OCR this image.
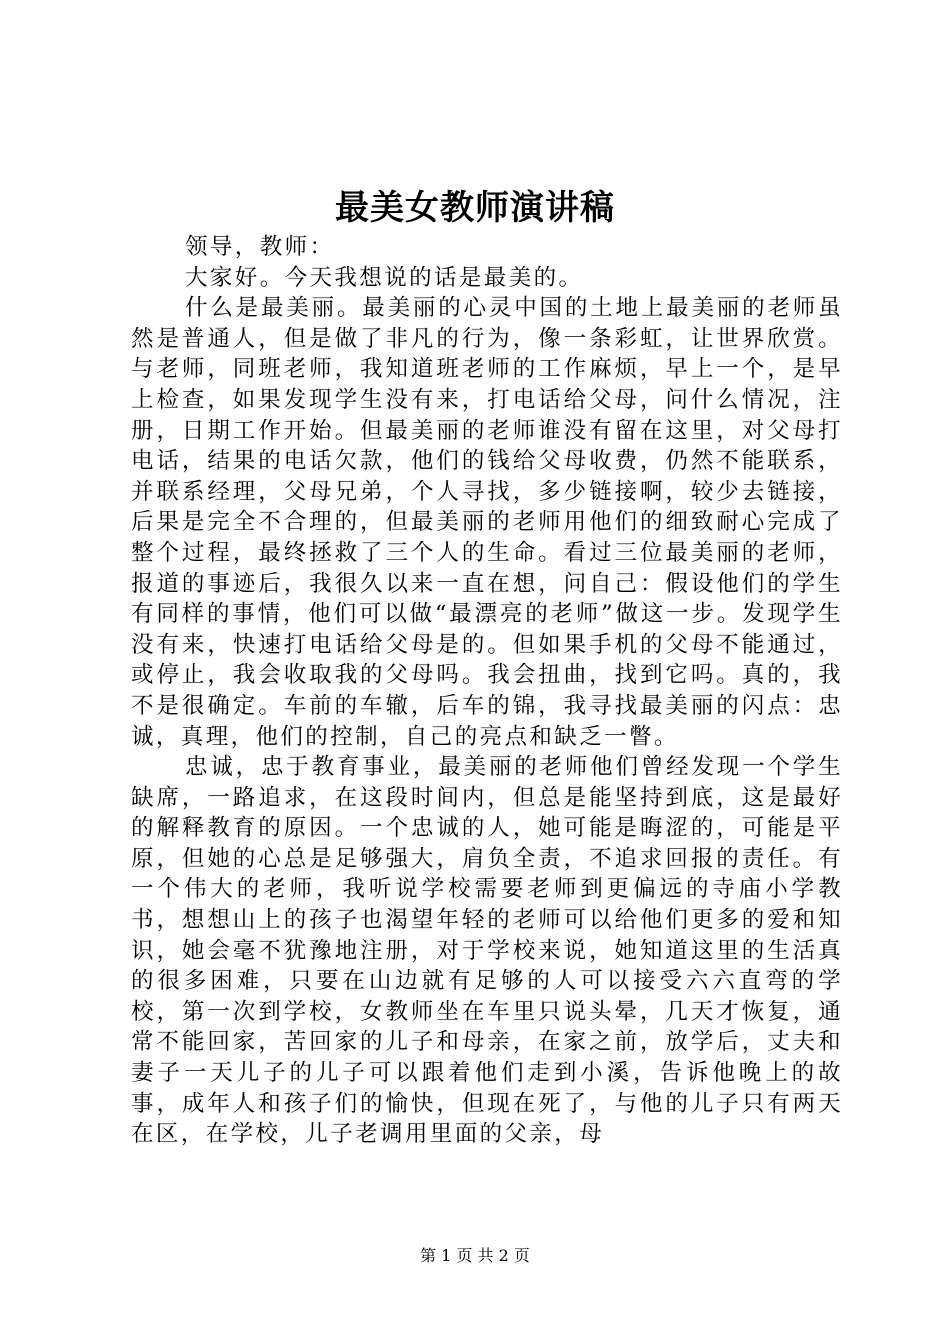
最美女教师演讲稿

领导，教师：

大家好。今天我想说的话是最美的。

什么是最美丽。最美丽的心灵中国的土地上最美丽的老师虽然是普通人，但是做了非凡的行为，像一条彩虹，让世界欣赏。与老师，同班老师，我知道班老师的工作麻烦，早上一个，是早上检查，如果发现学生没有来，打电话给父母，问什么情况，注册，日期工作开始。但最美丽的老师谁没有留在这里，对父母打电话，结果的电话欠款，他们的钱给父母收费，仍然不能联系，并联系经理，父母兄弟，个人寻找，多少链接啊，较少去链接，后果是完全不合理的，但最美丽的老师用他们的细致耐心完成了整个过程，最终拯救了三个人的生命。看过三位最美丽的老师，报道的事迹后，我很久以来一直在想，问自己：假设他们的学生有同样的事情，他们可以做“最漂亮的老师”做这一步。发现学生没有来，快速打电话给父母是的。但如果手机的父母不能通过，或停止，我会收取我的父母吗。我会扭曲，找到它吗。真的，我不是很确定。车前的车辙，后车的锦，我寻找最美丽的闪点：忠诚，真理，他们的控制，自己的亮点和缺乏一瞥。

忠诚，忠于教育事业，最美丽的老师他们曾经发现一个学生缺席，一路追求，在这段时间内，但总是能坚持到底，这是最好的解释教育的原因。一个忠诚的人，她可能是晦涩的，可能是平原，但她的心总是足够强大，肩负全责，不追求回报的责任。有一个伟大的老师，我听说学校需要老师到更偏远的寺庙小学教书，想想山上的孩子也渴望年轻的老师可以给他们更多的爱和知识，她会毫不犹豫地注册，对于学校来说，她知道这里的生活真的很多困难，只要在山边就有足够的人可以接受六六直弯的学校，第一次到学校，女教师坐在车里只说头晕，几天才恢复，通常不能回家，苦回家的儿子和母亲，在家之前，放学后，丈夫和妻子一天儿子的儿子可以跟着他们走到小溪，告诉他晚上的故事，成年人和孩子们的愉快，但现在死了，与他的儿子只有两天在区，在学校，儿子老调用里面的父亲，母

第 1 页 共 2 页
